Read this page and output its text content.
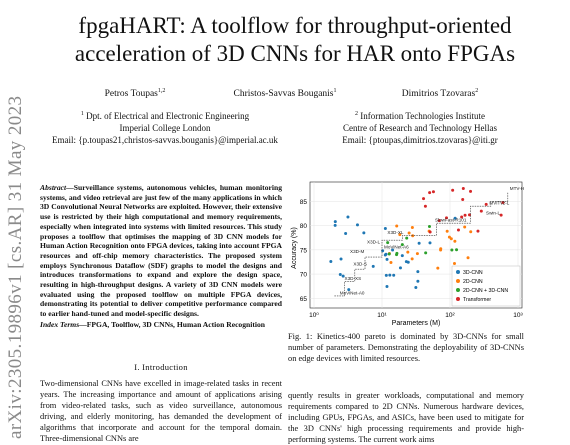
arXiv:2305.19896v1 [cs.AR] 31 May 2023
fpgaHART: A toolflow for throughput-oriented acceleration of 3D CNNs for HAR onto FPGAs
Petros Toupas$^{1,2}$	Christos-Savvas Bouganis$^1$	Dimitrios Tzovaras$^2$
$^1$ Dpt. of Electrical and Electronic Engineering
Imperial College London
Email: {p.toupas21,christos-savvas.bouganis}@imperial.ac.uk
$^2$ Information Technologies Institute
Centre of Research and Technology Hellas
Email: {ptoupas,dimitrios.tzovaras}@iti.gr
Abstract—Surveillance systems, autonomous vehicles, human monitoring systems, and video retrieval are just few of the many applications in which 3D Convolutional Neural Networks are exploited. However, their extensive use is restricted by their high computational and memory requirements, especially when integrated into systems with limited resources. This study proposes a toolflow that optimises the mapping of 3D CNN models for Human Action Recognition onto FPGA devices, taking into account FPGA resources and off-chip memory characteristics. The proposed system employs Synchronous Dataflow (SDF) graphs to model the designs and introduces transformations to expand and explore the design space, resulting in high-throughput designs. A variety of 3D CNN models were evaluated using the proposed toolflow on multiple FPGA devices, demonstrating its potential to deliver competitive performance compared to earlier hand-tuned and model-specific designs.
Index Terms—FPGA, Toolflow, 3D CNNs, Human Action Recognition
I. Introduction
Two-dimensional CNNs have excelled in image-related tasks in recent years. The increasing importance and amount of applications arising from video-related tasks, such as video surveillance, autonomous driving, and elderly monitoring, has demanded the development of algorithms that incorporate and account for the temporal domain. Three-dimensional CNNs are
65
70
75
80
85
10⁰	10¹	10²	10³
MTV-H
MVITv2-L
Swin-L
SlowFast-R101
X3D-XL
X3D-L
MoViNet-A6
X3D-M
X3D-S
X3D-XS
MoViNet-A0
Accuracy (%)
Parameters (M)
3D-CNN
2D-CNN
2D-CNN + 3D-CNN
Transformer
Fig. 1: Kinetics-400 pareto is dominated by 3D-CNNs for small number of parameters. Demonstrating the deployability of 3D-CNNs on edge devices with limited resources.
quently results in greater workloads, computational and memory requirements compared to 2D CNNs. Numerous hardware devices, including GPUs, FPGAs, and ASICs, have been used to mitigate for the 3D CNNs' high processing requirements and provide high-performing systems. The current work aims
